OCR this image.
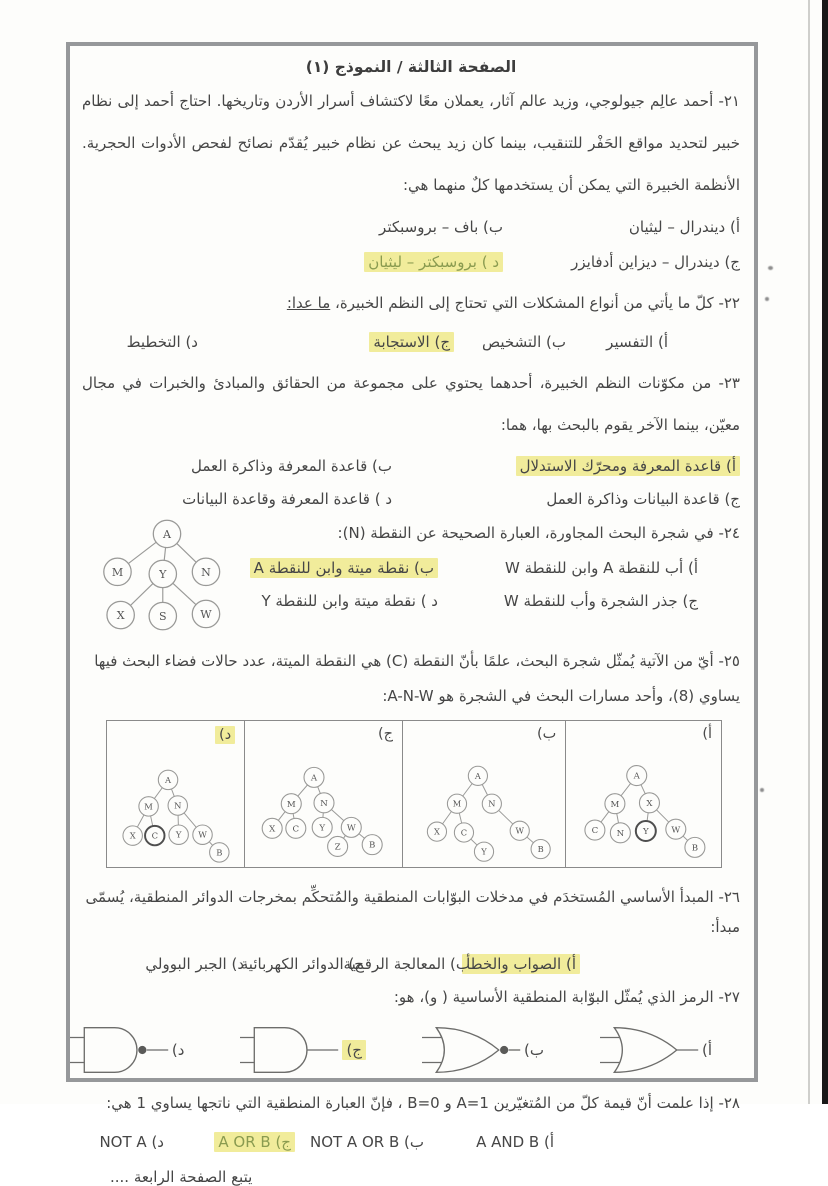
الصفحة الثالثة / النموذج (١)
٢١- أحمد عالِم جيولوجي، وزيد عالم آثار، يعملان معًا لاكتشاف أسرار الأردن وتاريخها. احتاج أحمد إلى نظام خبير لتحديد مواقع الحَفْر للتنقيب، بينما كان زيد يبحث عن نظام خبير يُقدّم نصائح لفحص الأدوات الحجرية. الأنظمة الخبيرة التي يمكن أن يستخدمها كلٌ منهما هي:
أ) ديندرال – ليثيان
ب) باف – بروسبكتر
ج) ديندرال – ديزاين أدفايزر
د ) بروسبكتر – ليثيان
٢٢- كلّ ما يأتي من أنواع المشكلات التي تحتاج إلى النظم الخبيرة، ما عدا:
أ) التفسير
ب) التشخيص
ج) الاستجابة
د) التخطيط
٢٣- من مكوّنات النظم الخبيرة، أحدهما يحتوي على مجموعة من الحقائق والمبادئ والخبرات في مجال معيّن، بينما الآخر يقوم بالبحث بها، هما:
أ) قاعدة المعرفة ومحرّك الاستدلال
ب) قاعدة المعرفة وذاكرة العمل
ج) قاعدة البيانات وذاكرة العمل
د ) قاعدة المعرفة وقاعدة البيانات
٢٤- في شجرة البحث المجاورة، العبارة الصحيحة عن النقطة (N):
أ) أب للنقطة A وابن للنقطة W
ب) نقطة ميتة وابن للنقطة A
ج) جذر الشجرة وأب للنقطة W
د ) نقطة ميتة وابن للنقطة Y
A
M	Y	N
X	S	W
٢٥- أيّ من الآتية يُمثّل شجرة البحث، علمًا بأنّ النقطة (C) هي النقطة الميتة، عدد حالات فضاء البحث فيها
يساوي (8)، وأحد مسارات البحث في الشجرة هو A-N-W:
أ)
A
M	X
C N Y W
B
ب)
A
M	N
X C
Y
W
B
ج)
A
M	N
X C Y W
Z	B
د)
A
M N
X C Y W
B
٢٦- المبدأ الأساسي المُستخدَم في مدخلات البوّابات المنطقية والمُتحكِّم بمخرجات الدوائر المنطقية، يُسمّى مبدأ:
أ) الصواب والخطأ
ب) المعالجة الرقمية
ج) الدوائر الكهربائية
د) الجبر البوولي
٢٧- الرمز الذي يُمثّل البوّابة المنطقية الأساسية ( و)، هو:
أ)
ب)
ج)
د)
٢٨- إذا علمت أنّ قيمة كلّ من المُتغيّرين A=1 و B=0 ، فإنّ العبارة المنطقية التي ناتجها يساوي 1 هي:
أ) A AND B
ب) NOT A OR B
ج) A OR B
د) NOT A
يتبع الصفحة الرابعة ....
